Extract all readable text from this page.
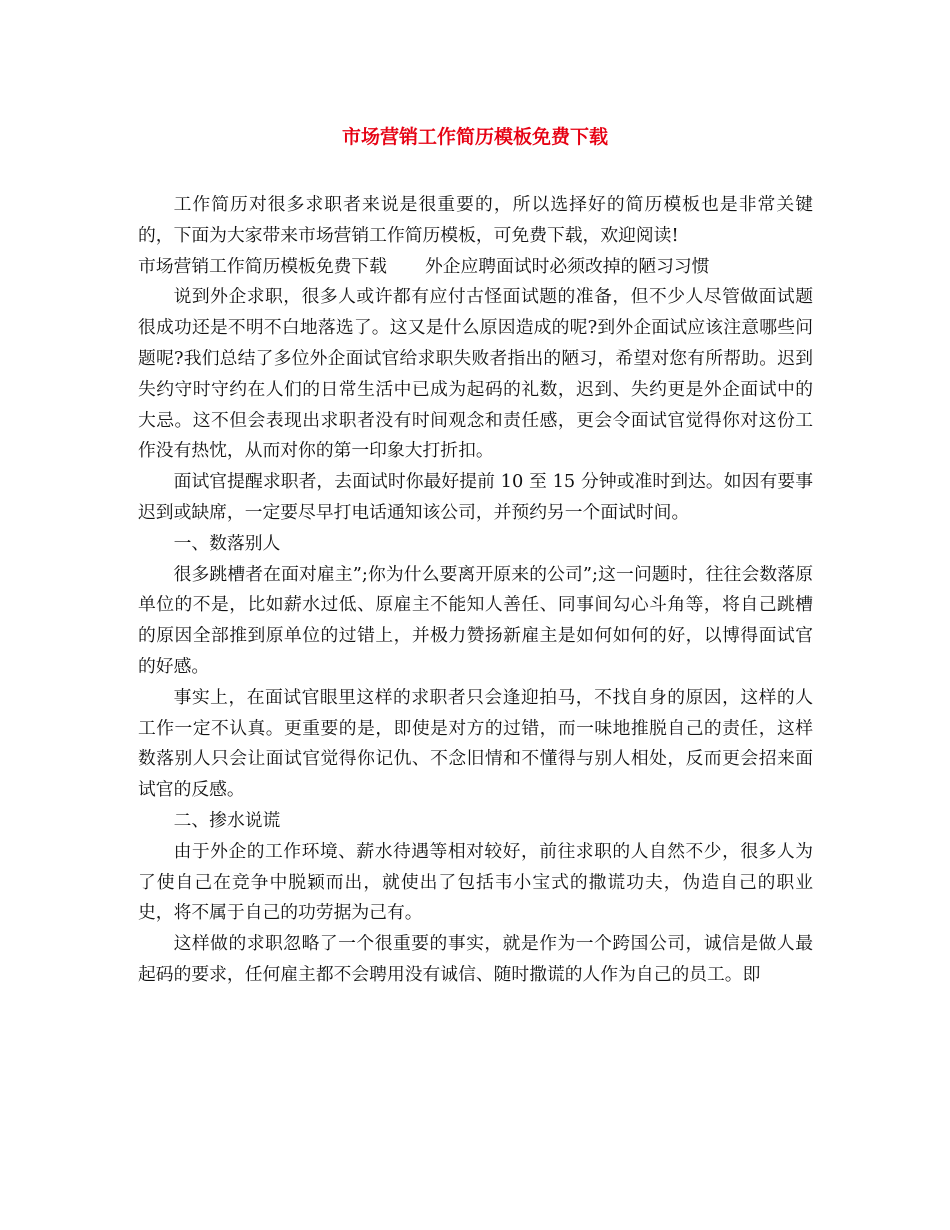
市场营销工作简历模板免费下载

工作简历对很多求职者来说是很重要的，所以选择好的简历模板也是非常关键的，下面为大家带来市场营销工作简历模板，可免费下载，欢迎阅读!

市场营销工作简历模板免费下载 外企应聘面试时必须改掉的陋习习惯

说到外企求职，很多人或许都有应付古怪面试题的准备，但不少人尽管做面试题很成功还是不明不白地落选了。这又是什么原因造成的呢?到外企面试应该注意哪些问题呢?我们总结了多位外企面试官给求职失败者指出的陋习，希望对您有所帮助。迟到失约守时守约在人们的日常生活中已成为起码的礼数，迟到、失约更是外企面试中的大忌。这不但会表现出求职者没有时间观念和责任感，更会令面试官觉得你对这份工作没有热忱，从而对你的第一印象大打折扣。

面试官提醒求职者，去面试时你最好提前 10 至 15 分钟或准时到达。如因有要事迟到或缺席，一定要尽早打电话通知该公司，并预约另一个面试时间。

一、数落别人

很多跳槽者在面对雇主”;你为什么要离开原来的公司”;这一问题时，往往会数落原单位的不是，比如薪水过低、原雇主不能知人善任、同事间勾心斗角等，将自己跳槽的原因全部推到原单位的过错上，并极力赞扬新雇主是如何如何的好，以博得面试官的好感。

事实上，在面试官眼里这样的求职者只会逢迎拍马，不找自身的原因，这样的人工作一定不认真。更重要的是，即使是对方的过错，而一味地推脱自己的责任，这样数落别人只会让面试官觉得你记仇、不念旧情和不懂得与别人相处，反而更会招来面试官的反感。

二、掺水说谎

由于外企的工作环境、薪水待遇等相对较好，前往求职的人自然不少，很多人为了使自己在竞争中脱颖而出，就使出了包括韦小宝式的撒谎功夫，伪造自己的职业史，将不属于自己的功劳据为己有。

这样做的求职忽略了一个很重要的事实，就是作为一个跨国公司，诚信是做人最起码的要求，任何雇主都不会聘用没有诚信、随时撒谎的人作为自己的员工。即
